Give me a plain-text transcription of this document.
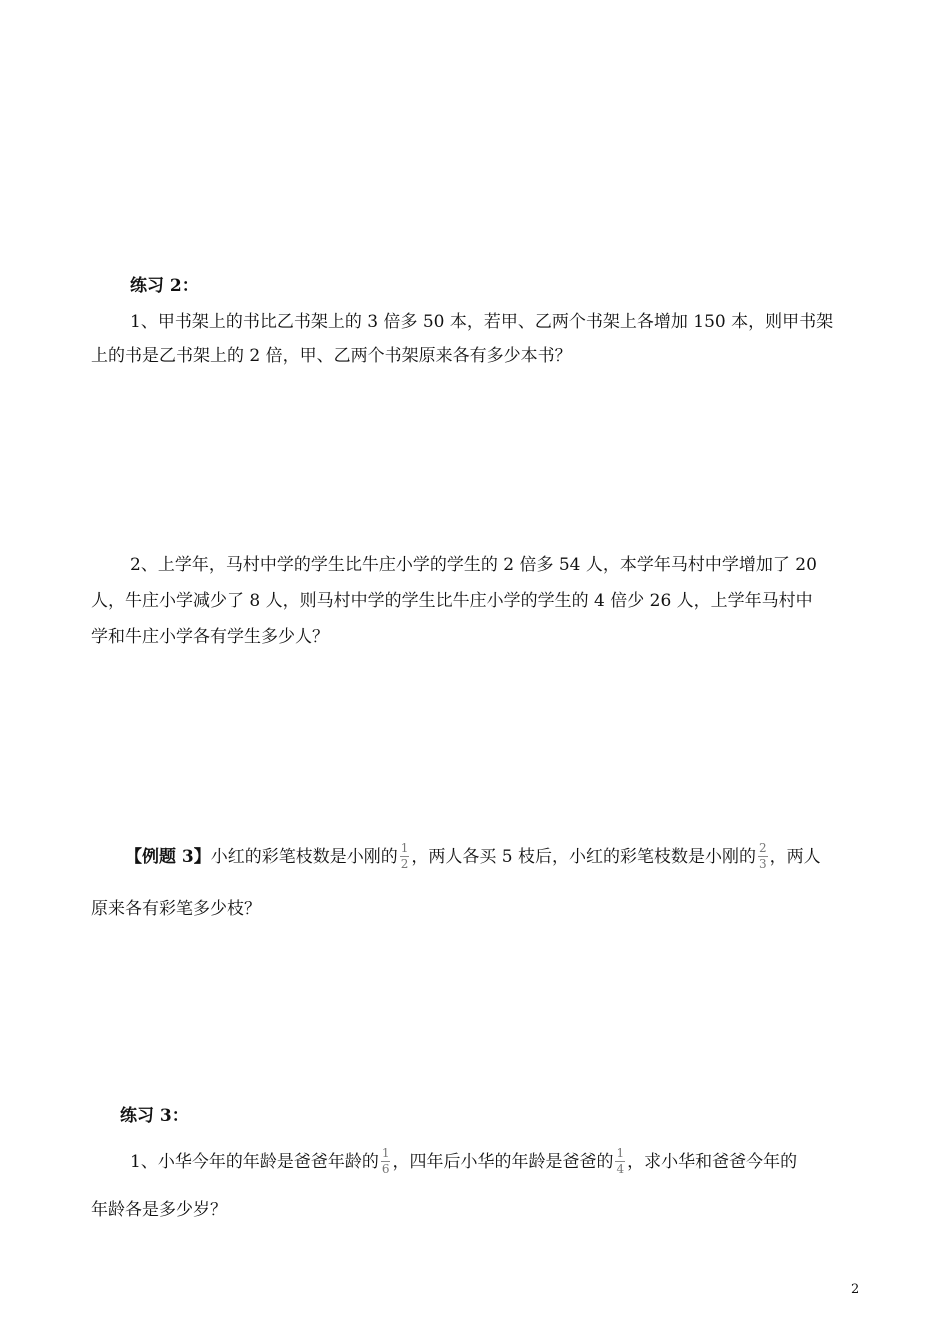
练习 2：
1、甲书架上的书比乙书架上的 3 倍多 50 本，若甲、乙两个书架上各增加 150 本，则甲书架
上的书是乙书架上的 2 倍，甲、乙两个书架原来各有多少本书？
2、上学年，马村中学的学生比牛庄小学的学生的 2 倍多 54 人，本学年马村中学增加了 20
人，牛庄小学减少了 8 人，则马村中学的学生比牛庄小学的学生的 4 倍少 26 人，上学年马村中
学和牛庄小学各有学生多少人？
【例题 3】小红的彩笔枝数是小刚的 $\frac{1}{2}$ ，两人各买 5 枝后，小红的彩笔枝数是小刚的 $\frac{2}{3}$ ，两人
原来各有彩笔多少枝？
练习 3：
1、小华今年的年龄是爸爸年龄的 $\frac{1}{6}$ ，四年后小华的年龄是爸爸的 $\frac{1}{4}$ ，求小华和爸爸今年的
年龄各是多少岁？
2
